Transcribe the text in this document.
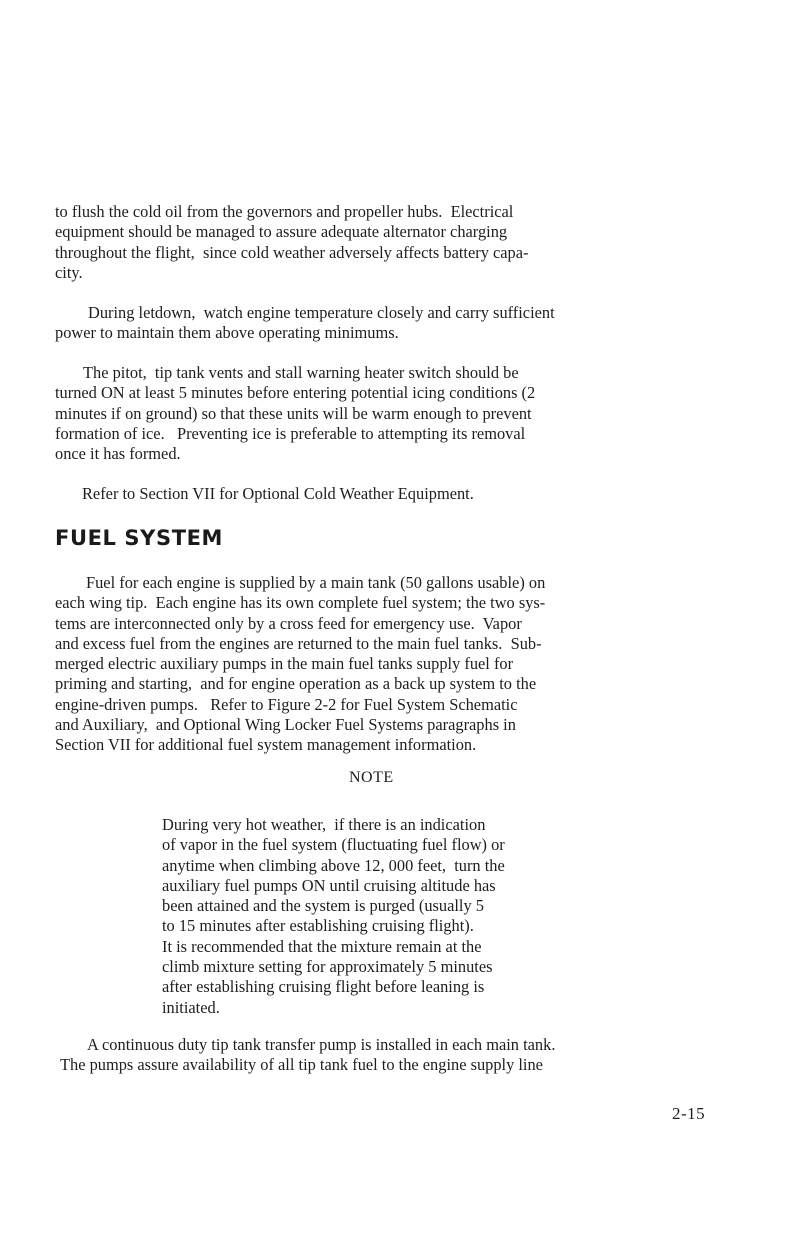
to flush the cold oil from the governors and propeller hubs.  Electrical
equipment should be managed to assure adequate alternator charging
throughout the flight,  since cold weather adversely affects battery capa-
city.
During letdown,  watch engine temperature closely and carry sufficient
power to maintain them above operating minimums.
The pitot,  tip tank vents and stall warning heater switch should be
turned ON at least 5 minutes before entering potential icing conditions (2
minutes if on ground) so that these units will be warm enough to prevent
formation of ice.   Preventing ice is preferable to attempting its removal
once it has formed.
Refer to Section VII for Optional Cold Weather Equipment.
FUEL SYSTEM
Fuel for each engine is supplied by a main tank (50 gallons usable) on
each wing tip.  Each engine has its own complete fuel system; the two sys-
tems are interconnected only by a cross feed for emergency use.  Vapor
and excess fuel from the engines are returned to the main fuel tanks.  Sub-
merged electric auxiliary pumps in the main fuel tanks supply fuel for
priming and starting,  and for engine operation as a back up system to the
engine-driven pumps.   Refer to Figure 2-2 for Fuel System Schematic
and Auxiliary,  and Optional Wing Locker Fuel Systems paragraphs in
Section VII for additional fuel system management information.

NOTE

During very hot weather,  if there is an indication
of vapor in the fuel system (fluctuating fuel flow) or
anytime when climbing above 12, 000 feet,  turn the
auxiliary fuel pumps ON until cruising altitude has
been attained and the system is purged (usually 5
to 15 minutes after establishing cruising flight).
It is recommended that the mixture remain at the
climb mixture setting for approximately 5 minutes
after establishing cruising flight before leaning is
initiated.
A continuous duty tip tank transfer pump is installed in each main tank.
The pumps assure availability of all tip tank fuel to the engine supply line

2-15
